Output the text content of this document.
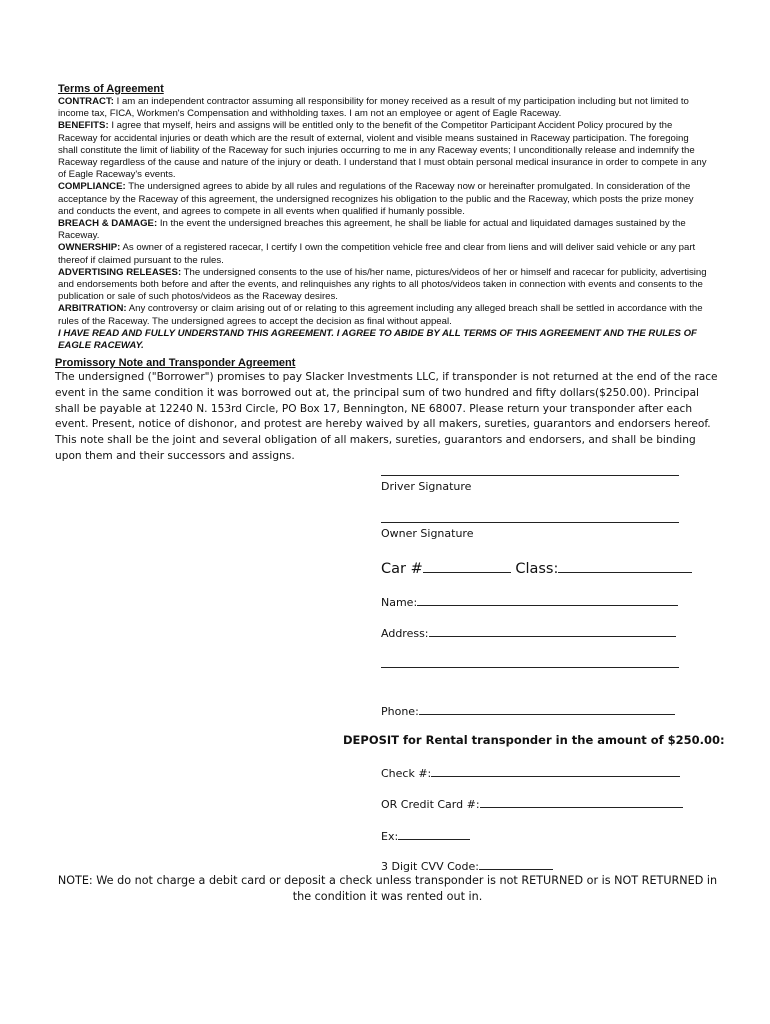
Terms of Agreement

CONTRACT: I am an independent contractor assuming all responsibility for money received as a result of my participation including but not limited to income tax, FICA, Workmen's Compensation and withholding taxes. I am not an employee or agent of Eagle Raceway.

BENEFITS: I agree that myself, heirs and assigns will be entitled only to the benefit of the Competitor Participant Accident Policy procured by the Raceway for accidental injuries or death which are the result of external, violent and visible means sustained in Raceway participation. The foregoing shall constitute the limit of liability of the Raceway for such injuries occurring to me in any Raceway events; I unconditionally release and indemnify the Raceway regardless of the cause and nature of the injury or death. I understand that I must obtain personal medical insurance in order to compete in any of Eagle Raceway's events.

COMPLIANCE: The undersigned agrees to abide by all rules and regulations of the Raceway now or hereinafter promulgated. In consideration of the acceptance by the Raceway of this agreement, the undersigned recognizes his obligation to the public and the Raceway, which posts the prize money and conducts the event, and agrees to compete in all events when qualified if humanly possible.

BREACH & DAMAGE: In the event the undersigned breaches this agreement, he shall be liable for actual and liquidated damages sustained by the Raceway.

OWNERSHIP: As owner of a registered racecar, I certify I own the competition vehicle free and clear from liens and will deliver said vehicle or any part thereof if claimed pursuant to the rules.

ADVERTISING RELEASES: The undersigned consents to the use of his/her name, pictures/videos of her or himself and racecar for publicity, advertising and endorsements both before and after the events, and relinquishes any rights to all photos/videos taken in connection with events and consents to the publication or sale of such photos/videos as the Raceway desires.

ARBITRATION: Any controversy or claim arising out of or relating to this agreement including any alleged breach shall be settled in accordance with the rules of the Raceway. The undersigned agrees to accept the decision as final without appeal.

I HAVE READ AND FULLY UNDERSTAND THIS AGREEMENT. I AGREE TO ABIDE BY ALL TERMS OF THIS AGREEMENT AND THE RULES OF EAGLE RACEWAY.

Promissory Note and Transponder Agreement

The undersigned ("Borrower") promises to pay Slacker Investments LLC, if transponder is not returned at the end of the race event in the same condition it was borrowed out at, the principal sum of two hundred and fifty dollars($250.00). Principal shall be payable at 12240 N. 153rd Circle, PO Box 17, Bennington, NE 68007. Please return your transponder after each event. Present, notice of dishonor, and protest are hereby waived by all makers, sureties, guarantors and endorsers hereof. This note shall be the joint and several obligation of all makers, sureties, guarantors and endorsers, and shall be binding upon them and their successors and assigns.

Driver Signature
Owner Signature
Car #	Class:
Name:
Address:
Phone:
DEPOSIT for Rental transponder in the amount of $250.00:
Check #:
OR Credit Card #:
Ex:
3 Digit CVV Code:
NOTE: We do not charge a debit card or deposit a check unless transponder is not RETURNED or is NOT RETURNED in the condition it was rented out in.
